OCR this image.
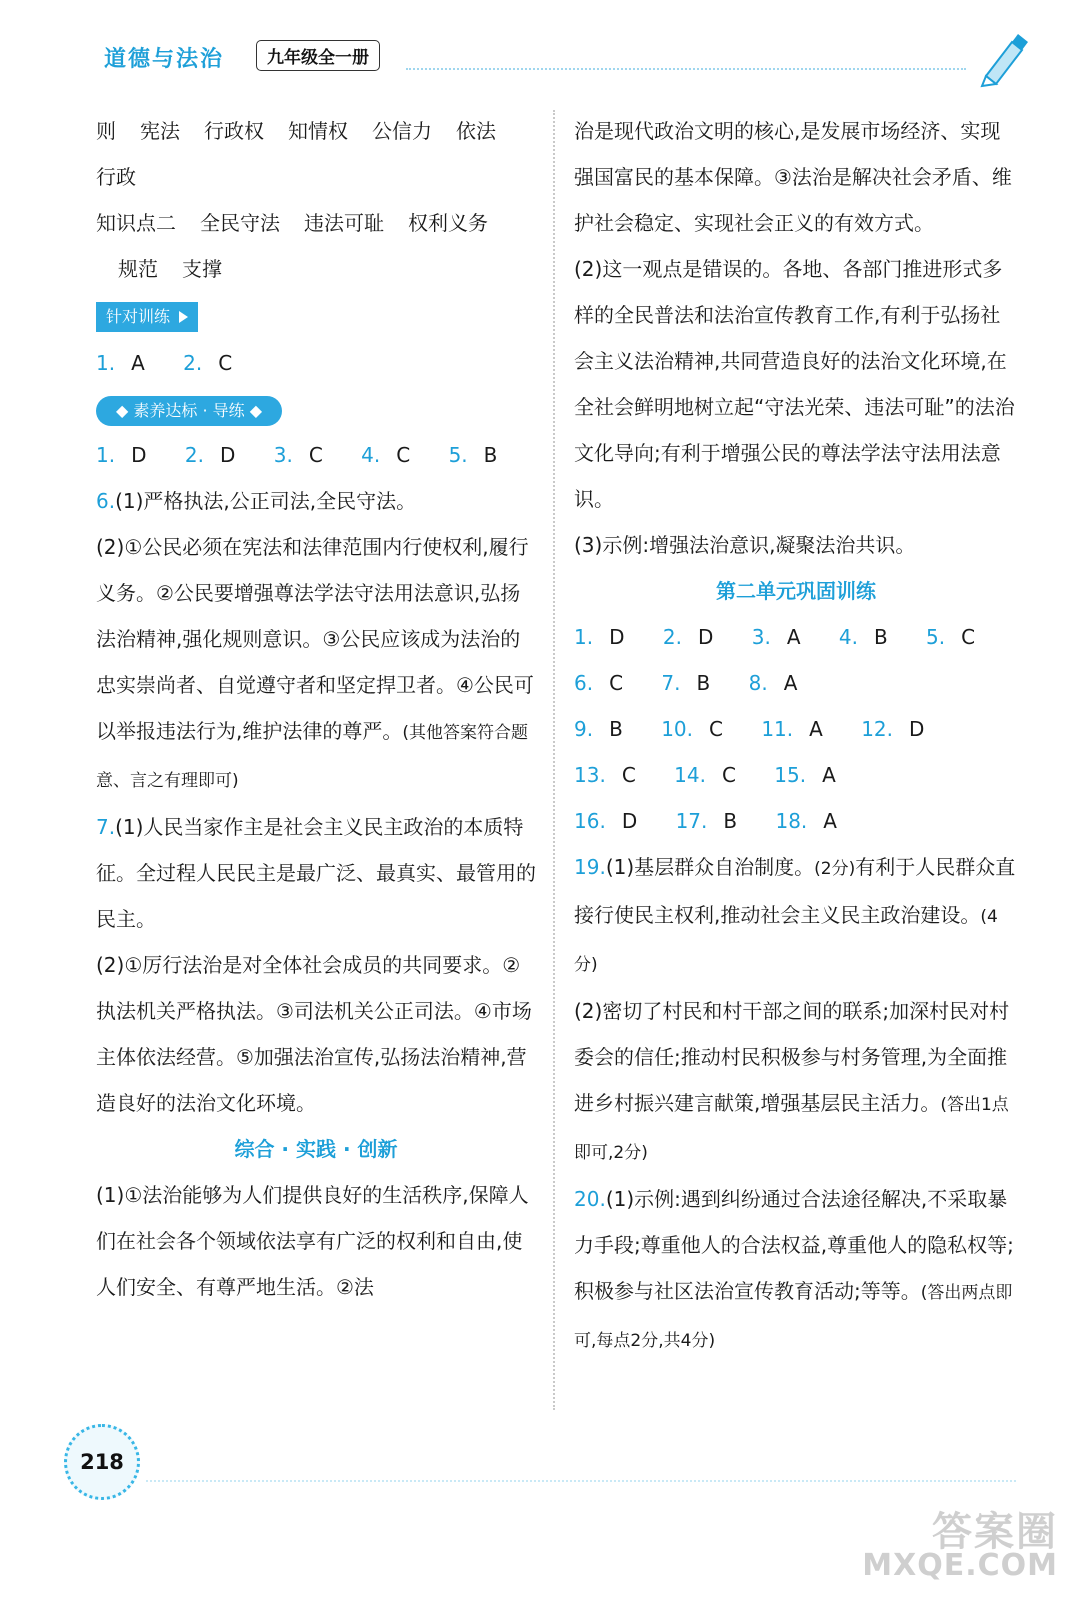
道德与法治	九年级全一册

则 宪法 行政权 知情权 公信力 依法

行政

知识点二 全民守法 违法可耻 权利义务

规范 支撑

针对训练

1. A 2. C

◆ 素养达标 · 导练 ◆

1. D 2. D 3. C 4. C 5. B

6.(1)严格执法,公正司法,全民守法。

(2)①公民必须在宪法和法律范围内行使权利,履行义务。②公民要增强尊法学法守法用法意识,弘扬法治精神,强化规则意识。③公民应该成为法治的忠实崇尚者、自觉遵守者和坚定捍卫者。④公民可以举报违法行为,维护法律的尊严。(其他答案符合题意、言之有理即可)

7.(1)人民当家作主是社会主义民主政治的本质特征。全过程人民民主是最广泛、最真实、最管用的民主。

(2)①厉行法治是对全体社会成员的共同要求。②执法机关严格执法。③司法机关公正司法。④市场主体依法经营。⑤加强法治宣传,弘扬法治精神,营造良好的法治文化环境。

综合 · 实践 · 创新

(1)①法治能够为人们提供良好的生活秩序,保障人们在社会各个领域依法享有广泛的权利和自由,使人们安全、有尊严地生活。②法

治是现代政治文明的核心,是发展市场经济、实现强国富民的基本保障。③法治是解决社会矛盾、维护社会稳定、实现社会正义的有效方式。

(2)这一观点是错误的。各地、各部门推进形式多样的全民普法和法治宣传教育工作,有利于弘扬社会主义法治精神,共同营造良好的法治文化环境,在全社会鲜明地树立起“守法光荣、违法可耻”的法治文化导向;有利于增强公民的尊法学法守法用法意识。

(3)示例:增强法治意识,凝聚法治共识。

第二单元巩固训练

1. D 2. D 3. A 4. B 5. C 6. C 7. B 8. A

9. B 10. C 11. A 12. D 13. C 14. C 15. A

16. D 17. B 18. A

19.(1)基层群众自治制度。(2分)有利于人民群众直接行使民主权利,推动社会主义民主政治建设。(4分)

(2)密切了村民和村干部之间的联系;加深村民对村委会的信任;推动村民积极参与村务管理,为全面推进乡村振兴建言献策,增强基层民主活力。(答出1点即可,2分)

20.(1)示例:遇到纠纷通过合法途径解决,不采取暴力手段;尊重他人的合法权益,尊重他人的隐私权等;积极参与社区法治宣传教育活动;等等。(答出两点即可,每点2分,共4分)

218
答案圈
MXQE.COM
